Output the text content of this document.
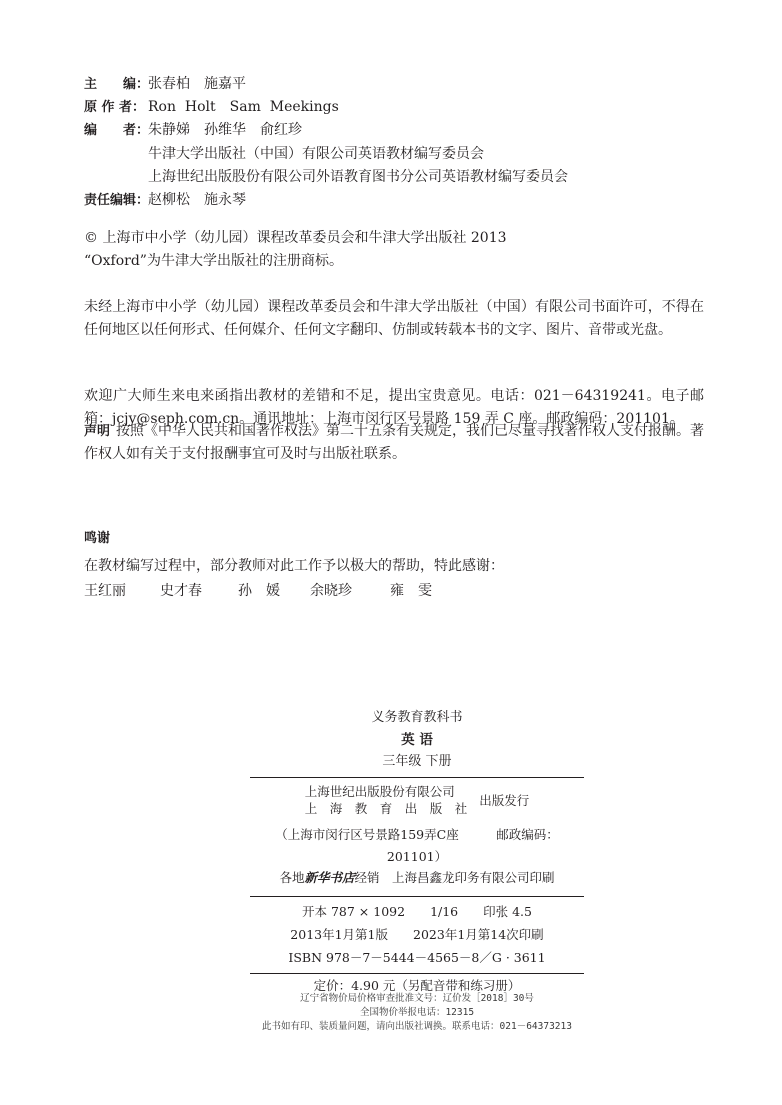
主　　编：
张春柏　施嘉平
原 作 者： Ron  Holt　Sam  Meekings
编　　者：
朱静娣　孙维华　俞红珍
牛津大学出版社（中国）有限公司英语教材编写委员会
上海世纪出版股份有限公司外语教育图书分公司英语教材编写委员会
责任编辑：
赵柳松　施永琴
© 上海市中小学（幼儿园）课程改革委员会和牛津大学出版社 2013
“Oxford”为牛津大学出版社的注册商标。

未经上海市中小学（幼儿园）课程改革委员会和牛津大学出版社（中国）有限公司书面许可，不得在任何地区以任何形式、任何媒介、任何文字翻印、仿制或转载本书的文字、图片、音带或光盘。

欢迎广大师生来电来函指出教材的差错和不足，提出宝贵意见。电话：021－64319241。电子邮箱：jcjy@seph.com.cn。通讯地址：上海市闵行区号景路 159 弄 C 座。邮政编码：201101。

声明 按照《中华人民共和国著作权法》第二十五条有关规定，我们已尽量寻找著作权人支付报酬。著作权人如有关于支付报酬事宜可及时与出版社联系。

鸣谢

在教材编写过程中，部分教师对此工作予以极大的帮助，特此感谢：

王红丽	史才春	孙　媛	余晓珍	雍　雯

义务教育教科书

英 语

三年级 下册

上海世纪出版股份有限公司
上　海　教　育　出　版　社
出版发行

（上海市闵行区号景路159弄C座　　　邮政编码：201101）

各地新华书店经销　上海昌鑫龙印务有限公司印刷

开本 787 × 1092　　1/16　　印张 4.5

2013年1月第1版　　2023年1月第14次印刷

ISBN 978－7－5444－4565－8／G · 3611

定价：4.90 元（另配音带和练习册）

辽宁省物价局价格审查批准文号：辽价发［2018］30号
全国物价举报电话：12315
此书如有印、装质量问题，请向出版社调换。联系电话：021－64373213
